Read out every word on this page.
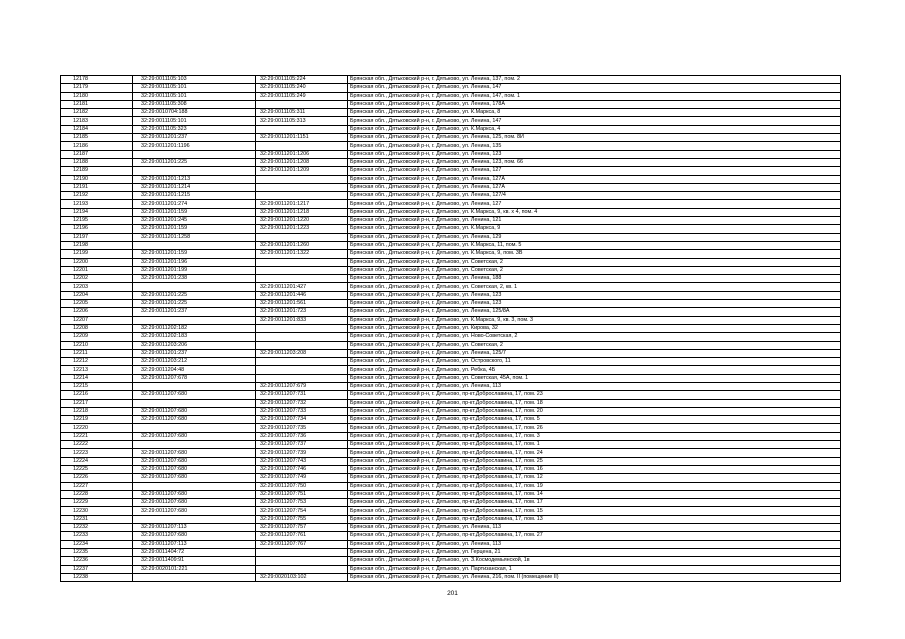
12178	32:29:0011105:103	32:29:0011105:224	Брянская обл., Дятьковский р-н, г. Дятьково, ул. Ленина, 137, пом. 2
12179	32:29:0011105:101	32:29:0011105:240	Брянская обл., Дятьковский р-н, г. Дятьково, ул. Ленина, 147
12180	32:29:0011105:101	32:29:0011105:249	Брянская обл., Дятьковский р-н, г. Дятьково, ул. Ленина, 147, пом. 1
12181	32:29:0011105:308		Брянская обл., Дятьковский р-н, г. Дятьково, ул. Ленина, 178А
12182	32:29:0010704:188	32:29:0011105:311	Брянская обл., Дятьковский р-н, г. Дятьково, ул. К.Маркса, 8
12183	32:29:0011105:101	32:29:0011105:313	Брянская обл., Дятьковский р-н, г. Дятьково, ул. Ленина, 147
12184	32:29:0011105:323		Брянская обл., Дятьковский р-н, г. Дятьково, ул. К.Маркса, 4
12185	32:29:0011201:237	32:29:0011201:1151	Брянская обл., Дятьковский р-н, г. Дятьково, ул. Ленина, 125, пом. 8И
12186	32:29:0011201:1196		Брянская обл., Дятьковский р-н, г. Дятьково, ул. Ленина, 135
12187		32:29:0011201:1206	Брянская обл., Дятьковский р-н, г. Дятьково, ул. Ленина, 123
12188	32:29:0011201:225	32:29:0011201:1208	Брянская обл., Дятьковский р-н, г. Дятьково, ул. Ленина, 123, пом. 66
12189		32:29:0011201:1209	Брянская обл., Дятьковский р-н, г. Дятьково, ул. Ленина, 127
12190	32:29:0011201:1213		Брянская обл., Дятьковский р-н, г. Дятьково, ул. Ленина, 127А
12191	32:29:0011201:1214		Брянская обл., Дятьковский р-н, г. Дятьково, ул. Ленина, 127А
12192	32:29:0011201:1215		Брянская обл., Дятьковский р-н, г. Дятьково, ул. Ленина, 127/4
12193	32:29:0011201:274	32:29:0011201:1217	Брянская обл., Дятьковский р-н, г. Дятьково, ул. Ленина, 127
12194	32:29:0011201:159	32:29:0011201:1218	Брянская обл., Дятьковский р-н, г. Дятьково, ул. К.Маркса, 9, кв. х 4, пом. 4
12195	32:29:0011201:245	32:29:0011201:1220	Брянская обл., Дятьковский р-н, г. Дятьково, ул. Ленина, 121
12196	32:29:0011201:159	32:29:0011201:1223	Брянская обл., Дятьковский р-н, г. Дятьково, ул. К.Маркса, 9
12197	32:29:0011201:1258		Брянская обл., Дятьковский р-н, г. Дятьково, ул. Ленина, 129
12198		32:29:0011201:1260	Брянская обл., Дятьковский р-н, г. Дятьково, ул. К.Маркса, 11, пом. 5
12199	32:29:0011201:159	32:29:0011201:1322	Брянская обл., Дятьковский р-н, г. Дятьково, ул. К.Маркса, 9, пом. 3В
12200	32:29:0011201:196		Брянская обл., Дятьковский р-н, г. Дятьково, ул. Советская, 2
12201	32:29:0011201:199		Брянская обл., Дятьковский р-н, г. Дятьково, ул. Советская, 2
12202	32:29:0011201:238		Брянская обл., Дятьковский р-н, г. Дятьково, ул. Ленина, 188
12203		32:29:0011201:427	Брянская обл., Дятьковский р-н, г. Дятьково, ул. Советская, 2, кв. 1
12204	32:29:0011201:225	32:29:0011201:446	Брянская обл., Дятьковский р-н, г. Дятьково, ул. Ленина, 123
12205	32:29:0011201:225	32:29:0011201:561	Брянская обл., Дятьковский р-н, г. Дятьково, ул. Ленина, 123
12206	32:29:0011201:237	32:29:0011201:723	Брянская обл., Дятьковский р-н, г. Дятьково, ул. Ленина, 125/8А
12207		32:29:0011201:833	Брянская обл., Дятьковский р-н, г. Дятьково, ул. К.Маркса, 9, кв. 3, пом. 3
12208	32:29:0011202:182		Брянская обл., Дятьковский р-н, г. Дятьково, ул. Кирова, 32
12209	32:29:0011202:183		Брянская обл., Дятьковский р-н, г. Дятьково, ул. Ново-Советская, 2
12210	32:29:0011203:206		Брянская обл., Дятьковский р-н, г. Дятьково, ул. Советская, 2
12211	32:29:0011201:237	32:29:0011203:208	Брянская обл., Дятьковский р-н, г. Дятьково, ул. Ленина, 125/7
12212	32:29:0011203:212		Брянская обл., Дятьковский р-н, г. Дятьково, ул. Островского, 11
12213	32:29:0011204:48		Брянская обл., Дятьковский р-н, г. Дятьково, ул. Ребка, 4Б
12214	32:29:0011207:678		Брянская обл., Дятьковский р-н, г. Дятьково, ул. Советская, 45А, пом. 1
12215		32:29:0011207:679	Брянская обл., Дятьковский р-н, г. Дятьково, ул. Ленина, 113
12216	32:29:0011207:680	32:29:0011207:731	Брянская обл., Дятьковский р-н, г. Дятьково, пр-кт.Доброславина, 17, пом. 23
12217		32:29:0011207:732	Брянская обл., Дятьковский р-н, г. Дятьково, пр-кт.Доброславина, 17, пом. 18
12218	32:29:0011207:680	32:29:0011207:733	Брянская обл., Дятьковский р-н, г. Дятьково, пр-кт.Доброславина, 17, пом. 20
12219	32:29:0011207:680	32:29:0011207:734	Брянская обл., Дятьковский р-н, г. Дятьково, пр-кт.Доброславина, 17, пом. 5
12220		32:29:0011207:735	Брянская обл., Дятьковский р-н, г. Дятьково, пр-кт.Доброславина, 17, пом. 26
12221	32:29:0011207:680	32:29:0011207:736	Брянская обл., Дятьковский р-н, г. Дятьково, пр-кт.Доброславина, 17, пом. 3
12222		32:29:0011207:737	Брянская обл., Дятьковский р-н, г. Дятьково, пр-кт.Доброславина, 17, пом. 1
12223	32:29:0011207:680	32:29:0011207:739	Брянская обл., Дятьковский р-н, г. Дятьково, пр-кт.Доброславина, 17, пом. 24
12224	32:29:0011207:680	32:29:0011207:743	Брянская обл., Дятьковский р-н, г. Дятьково, пр-кт.Доброславина, 17, пом. 25
12225	32:29:0011207:680	32:29:0011207:746	Брянская обл., Дятьковский р-н, г. Дятьково, пр-кт.Доброславина, 17, пом. 16
12226	32:29:0011207:680	32:29:0011207:749	Брянская обл., Дятьковский р-н, г. Дятьково, пр-кт.Доброславина, 17, пом. 12
12227		32:29:0011207:750	Брянская обл., Дятьковский р-н, г. Дятьково, пр-кт.Доброславина, 17, пом. 19
12228	32:29:0011207:680	32:29:0011207:751	Брянская обл., Дятьковский р-н, г. Дятьково, пр-кт.Доброславина, 17, пом. 14
12229	32:29:0011207:680	32:29:0011207:753	Брянская обл., Дятьковский р-н, г. Дятьково, пр-кт.Доброславина, 17, пом. 17
12230	32:29:0011207:680	32:29:0011207:754	Брянская обл., Дятьковский р-н, г. Дятьково, пр-кт.Доброславина, 17, пом. 15
12231		32:29:0011207:755	Брянская обл., Дятьковский р-н, г. Дятьково, пр-кт.Доброславина, 17, пом. 13
12232	32:29:0011207:113	32:29:0011207:757	Брянская обл., Дятьковский р-н, г. Дятьково, ул. Ленина, 113
12233	32:29:0011207:680	32:29:0011207:761	Брянская обл., Дятьковский р-н, г. Дятьково, пр-кт.Доброславина, 17, пом. 27
12234	32:29:0011207:113	32:29:0011207:767	Брянская обл., Дятьковский р-н, г. Дятьково, ул. Ленина, 113
12235	32:29:0011404:72		Брянская обл., Дятьковский р-н, г. Дятьково, ул. Герцена, 21
12236	32:29:0011409:91		Брянская обл., Дятьковский р-н, г. Дятьково, ул. З.Космодемьянской, 1в
12237	32:29:0020101:221		Брянская обл., Дятьковский р-н, г. Дятьково, ул. Партизанская, 1
12238		32:29:0020103:102	Брянская обл., Дятьковский р-н, г. Дятьково, ул. Ленина, 216, пом. II (помещение II)
201
